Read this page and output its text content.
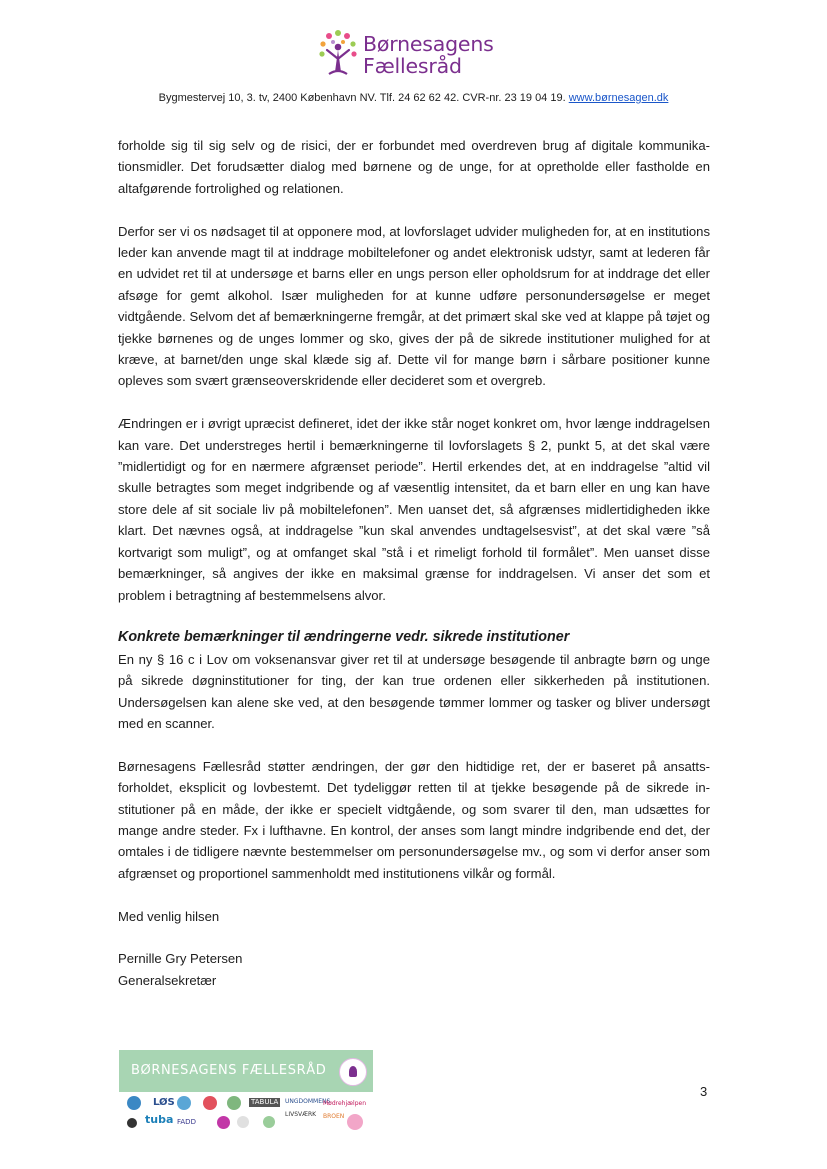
Børnesagens
Fællesråd
Bygmestervej 10, 3. tv, 2400 København NV. Tlf. 24 62 62 42. CVR-nr. 23 19 04 19. www.børnesagen.dk

forholde sig til sig selv og de risici, der er forbundet med overdreven brug af digitale kommunikationsmidler. Det forudsætter dialog med børnene og de unge, for at opretholde eller fastholde en altafgørende fortrolighed og relationen.

Derfor ser vi os nødsaget til at opponere mod, at lovforslaget udvider muligheden for, at en institutions leder kan anvende magt til at inddrage mobiltelefoner og andet elektronisk udstyr, samt at lederen får en udvidet ret til at undersøge et barns eller en ungs person eller opholdsrum for at inddrage det eller afsøge for gemt alkohol. Især muligheden for at kunne udføre personundersøgelse er meget vidtgående. Selvom det af bemærkningerne fremgår, at det primært skal ske ved at klappe på tøjet og tjekke børnenes og de unges lommer og sko, gives der på de sikrede institutioner mulighed for at kræve, at barnet/den unge skal klæde sig af. Dette vil for mange børn i sårbare positioner kunne opleves som svært grænseoverskridende eller decideret som et overgreb.

Ændringen er i øvrigt upræcist defineret, idet der ikke står noget konkret om, hvor længe inddragelsen kan vare. Det understreges hertil i bemærkningerne til lovforslagets § 2, punkt 5, at det skal være ”midlertidigt og for en nærmere afgrænset periode”. Hertil erkendes det, at en inddragelse ”altid vil skulle betragtes som meget indgribende og af væsentlig intensitet, da et barn eller en ung kan have store dele af sit sociale liv på mobiltelefonen”. Men uanset det, så afgrænses midlertidigheden ikke klart. Det nævnes også, at inddragelse ”kun skal anvendes undtagelsesvist”, at det skal være ”så kortvarigt som muligt”, og at omfanget skal ”stå i et rimeligt forhold til formålet”. Men uanset disse bemærkninger, så angives der ikke en maksimal grænse for inddragelsen. Vi anser det som et problem i betragtning af bestemmelsens alvor.

Konkrete bemærkninger til ændringerne vedr. sikrede institutioner

En ny § 16 c i Lov om voksenansvar giver ret til at undersøge besøgende til anbragte børn og unge på sikrede døgninstitutioner for ting, der kan true ordenen eller sikkerheden på institutionen. Undersøgelsen kan alene ske ved, at den besøgende tømmer lommer og tasker og bliver undersøgt med en scanner.

Børnesagens Fællesråd støtter ændringen, der gør den hidtidige ret, der er baseret på ansattsforholdet, eksplicit og lovbestemt. Det tydeliggør retten til at tjekke besøgende på de sikrede institutioner på en måde, der ikke er specielt vidtgående, og som svarer til den, man udsættes for mange andre steder. Fx i lufthavne. En kontrol, der anses som langt mindre indgribende end det, der omtales i de tidligere nævnte bestemmelser om personundersøgelse mv., og som vi derfor anser som afgrænset og proportionel sammenholdt med institutionens vilkår og formål.

Med venlig hilsen

Pernille Gry Petersen

Generalsekretær

BØRNESAGENS FÆLLESRÅD
LØS	TABULA	UNGDOMMENS
Mødrehjælpen
tuba FADD
LIVSVÆRK BROEN
3
